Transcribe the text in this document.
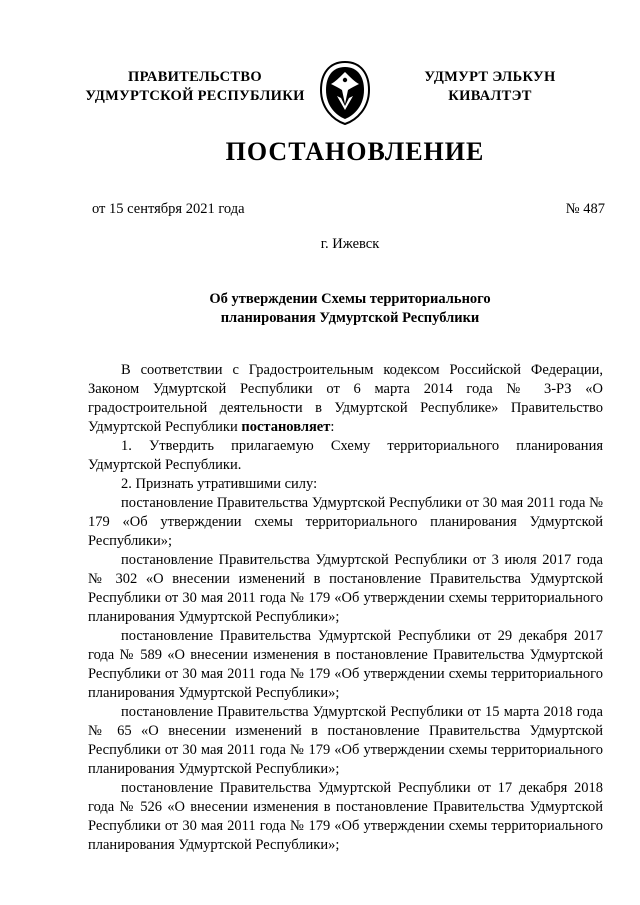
ПРАВИТЕЛЬСТВО
УДМУРТСКОЙ РЕСПУБЛИКИ
УДМУРТ ЭЛЬКУН
КИВАЛТЭТ
ПОСТАНОВЛЕНИЕ
от 15 сентября 2021 года	№ 487
г. Ижевск
Об утверждении Схемы территориального
планирования Удмуртской Республики

В соответствии с Градостроительным кодексом Российской Федерации, Законом Удмуртской Республики от 6 марта 2014 года № 3-РЗ «О градостроительной деятельности в Удмуртской Республике» Правительство Удмуртской Республики постановляет:

1. Утвердить прилагаемую Схему территориального планирования Удмуртской Республики.

2. Признать утратившими силу:

постановление Правительства Удмуртской Республики от 30 мая 2011 года № 179 «Об утверждении схемы территориального планирования Удмуртской Республики»;

постановление Правительства Удмуртской Республики от 3 июля 2017 года № 302 «О внесении изменений в постановление Правительства Удмуртской Республики от 30 мая 2011 года № 179 «Об утверждении схемы территориального планирования Удмуртской Республики»;

постановление Правительства Удмуртской Республики от 29 декабря 2017 года № 589 «О внесении изменения в постановление Правительства Удмуртской Республики от 30 мая 2011 года № 179 «Об утверждении схемы территориального планирования Удмуртской Республики»;

постановление Правительства Удмуртской Республики от 15 марта 2018 года № 65 «О внесении изменений в постановление Правительства Удмуртской Республики от 30 мая 2011 года № 179 «Об утверждении схемы территориального планирования Удмуртской Республики»;

постановление Правительства Удмуртской Республики от 17 декабря 2018 года № 526 «О внесении изменения в постановление Правительства Удмуртской Республики от 30 мая 2011 года № 179 «Об утверждении схемы территориального планирования Удмуртской Республики»;
